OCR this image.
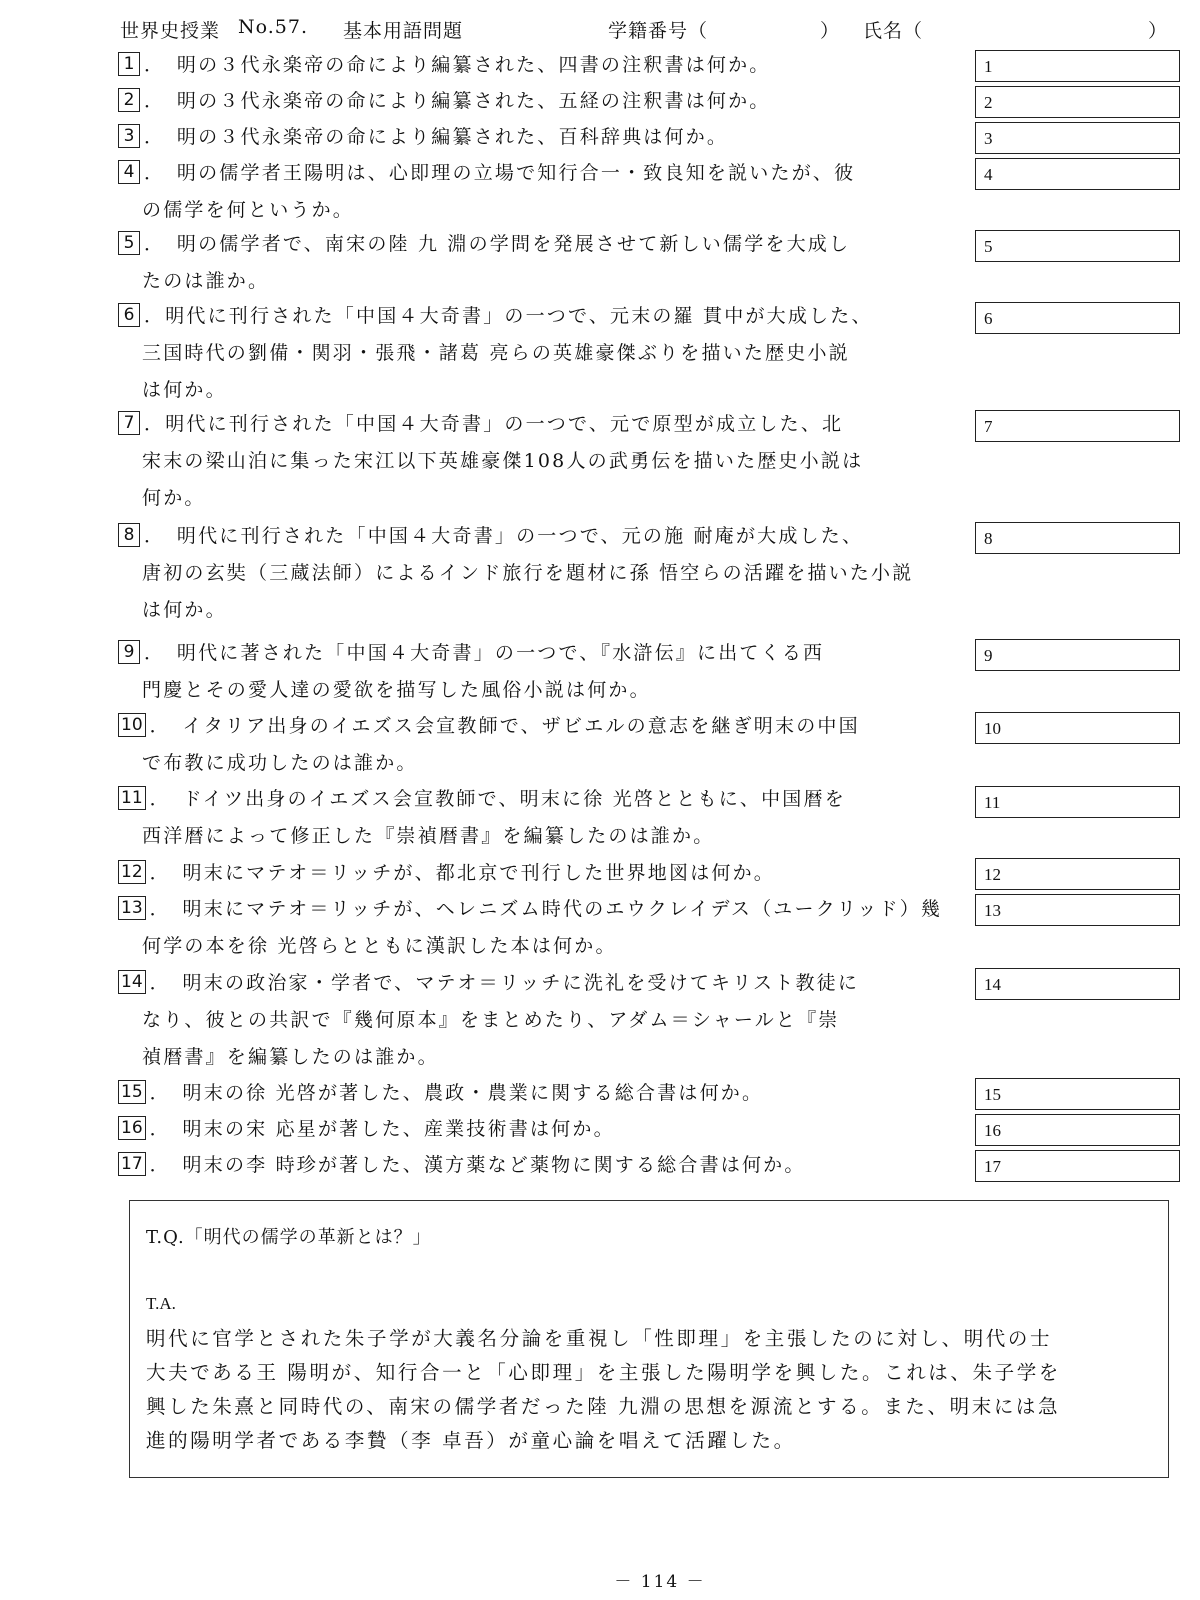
世界史授業 No.57. 基本用語問題	学籍番号（	） 氏名（	）
1 ．　明の３代永楽帝の命により編纂された、四書の注釈書は何か。	1
2 ．　明の３代永楽帝の命により編纂された、五経の注釈書は何か。	2
3 ．　明の３代永楽帝の命により編纂された、百科辞典は何か。	3
4 ．　明の儒学者王陽明は、心即理の立場で知行合一・致良知を説いたが、彼
の儒学を何というか。
4
5 ．　明の儒学者で、南宋の陸 九 淵の学問を発展させて新しい儒学を大成し
たのは誰か。
5
6 ．明代に刊行された「中国４大奇書」の一つで、元末の羅 貫中が大成した、
三国時代の劉備・関羽・張飛・諸葛 亮らの英雄豪傑ぶりを描いた歴史小説
は何か。
6
7 ．明代に刊行された「中国４大奇書」の一つで、元で原型が成立した、北
宋末の梁山泊に集った宋江以下英雄豪傑108人の武勇伝を描いた歴史小説は
何か。
7
8 ．　明代に刊行された「中国４大奇書」の一つで、元の施 耐庵が大成した、
唐初の玄奘（三蔵法師）によるインド旅行を題材に孫 悟空らの活躍を描いた小説
は何か。
8
9 ．　明代に著された「中国４大奇書」の一つで、『水滸伝』に出てくる西
門慶とその愛人達の愛欲を描写した風俗小説は何か。
9
10 ．　イタリア出身のイエズス会宣教師で、ザビエルの意志を継ぎ明末の中国
で布教に成功したのは誰か。
10
11 ．　ドイツ出身のイエズス会宣教師で、明末に徐 光啓とともに、中国暦を
西洋暦によって修正した『崇禎暦書』を編纂したのは誰か。
11
12 ．　明末にマテオ＝リッチが、都北京で刊行した世界地図は何か。	12
13 ．　明末にマテオ＝リッチが、ヘレニズム時代のエウクレイデス（ユークリッド）幾
何学の本を徐 光啓らとともに漢訳した本は何か。
13
14 ．　明末の政治家・学者で、マテオ＝リッチに洗礼を受けてキリスト教徒に
なり、彼との共訳で『幾何原本』をまとめたり、アダム＝シャールと『崇
禎暦書』を編纂したのは誰か。
14
15 ．　明末の徐 光啓が著した、農政・農業に関する総合書は何か。	15
16 ．　明末の宋 応星が著した、産業技術書は何か。	16
17 ．　明末の李 時珍が著した、漢方薬など薬物に関する総合書は何か。	17
T.Q.「明代の儒学の革新とは？」
T.A.
明代に官学とされた朱子学が大義名分論を重視し「性即理」を主張したのに対し、明代の士
大夫である王 陽明が、知行合一と「心即理」を主張した陽明学を興した。これは、朱子学を
興した朱熹と同時代の、南宋の儒学者だった陸 九淵の思想を源流とする。また、明末には急
進的陽明学者である李贄（李 卓吾）が童心論を唱えて活躍した。
－ 114 －
